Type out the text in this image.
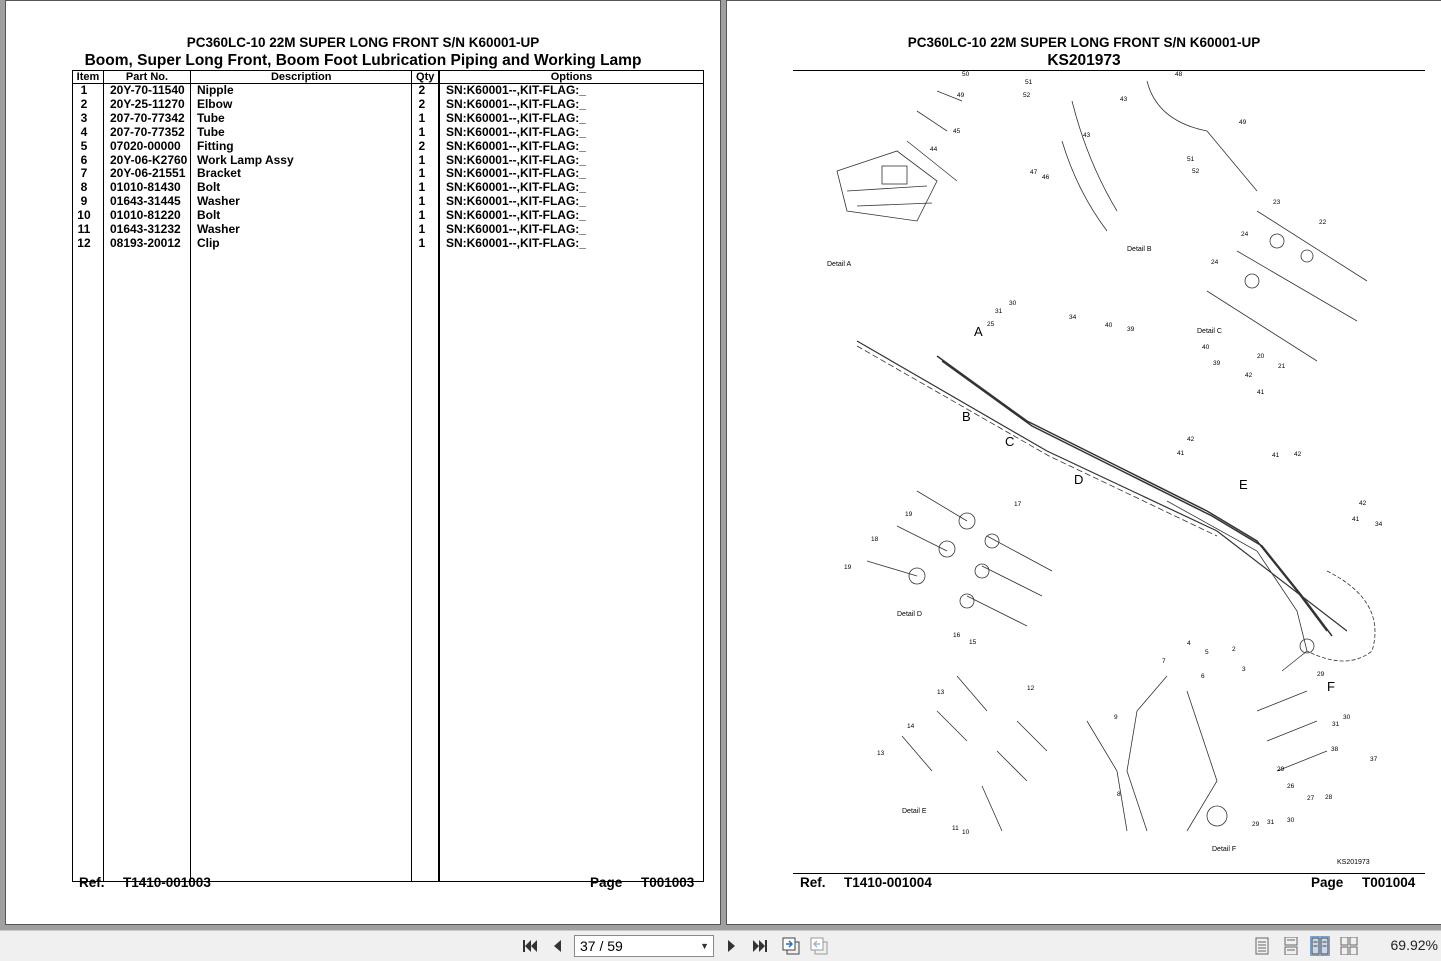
PC360LC-10 22M SUPER LONG FRONT S/N K60001-UP
Boom, Super Long Front, Boom Foot Lubrication Piping and Working Lamp
Item	Part No.	Description	Qty	Options
1	20Y-70-11540	Nipple	2	SN:K60001--,KIT-FLAG:_
2	20Y-25-11270	Elbow	2	SN:K60001--,KIT-FLAG:_
3	207-70-77342	Tube	1	SN:K60001--,KIT-FLAG:_
4	207-70-77352	Tube	1	SN:K60001--,KIT-FLAG:_
5	07020-00000	Fitting	2	SN:K60001--,KIT-FLAG:_
6	20Y-06-K2760	Work Lamp Assy	1	SN:K60001--,KIT-FLAG:_
7	20Y-06-21551	Bracket	1	SN:K60001--,KIT-FLAG:_
8	01010-81430	Bolt	1	SN:K60001--,KIT-FLAG:_
9	01643-31445	Washer	1	SN:K60001--,KIT-FLAG:_
10	01010-81220	Bolt	1	SN:K60001--,KIT-FLAG:_
11	01643-31232	Washer	1	SN:K60001--,KIT-FLAG:_
12	08193-20012	Clip	1	SN:K60001--,KIT-FLAG:_

Ref. T1410-001003	Page T001003
PC360LC-10 22M SUPER LONG FRONT S/N K60001-UP
KS201973
Detail A
Detail B
Detail C
Detail D
Detail E
Detail F
KS201973
A
B
C
D	E
F
50
51
52
49
45
44
47
46
48
43
43
49
51
52
23
22
24
24
20
21
30
31
25
34
40
39
40
39
42
41
42
41	41 42
42
34
41
17
19
18
19
16
15
13
12
14
13
11
10
4
5
7
6
2
3
9
8
29
30
31
38
37
26
28
27
29
29 31 30
Ref. T1410-001004	Page T001004
37 / 59	▼	69.92%
